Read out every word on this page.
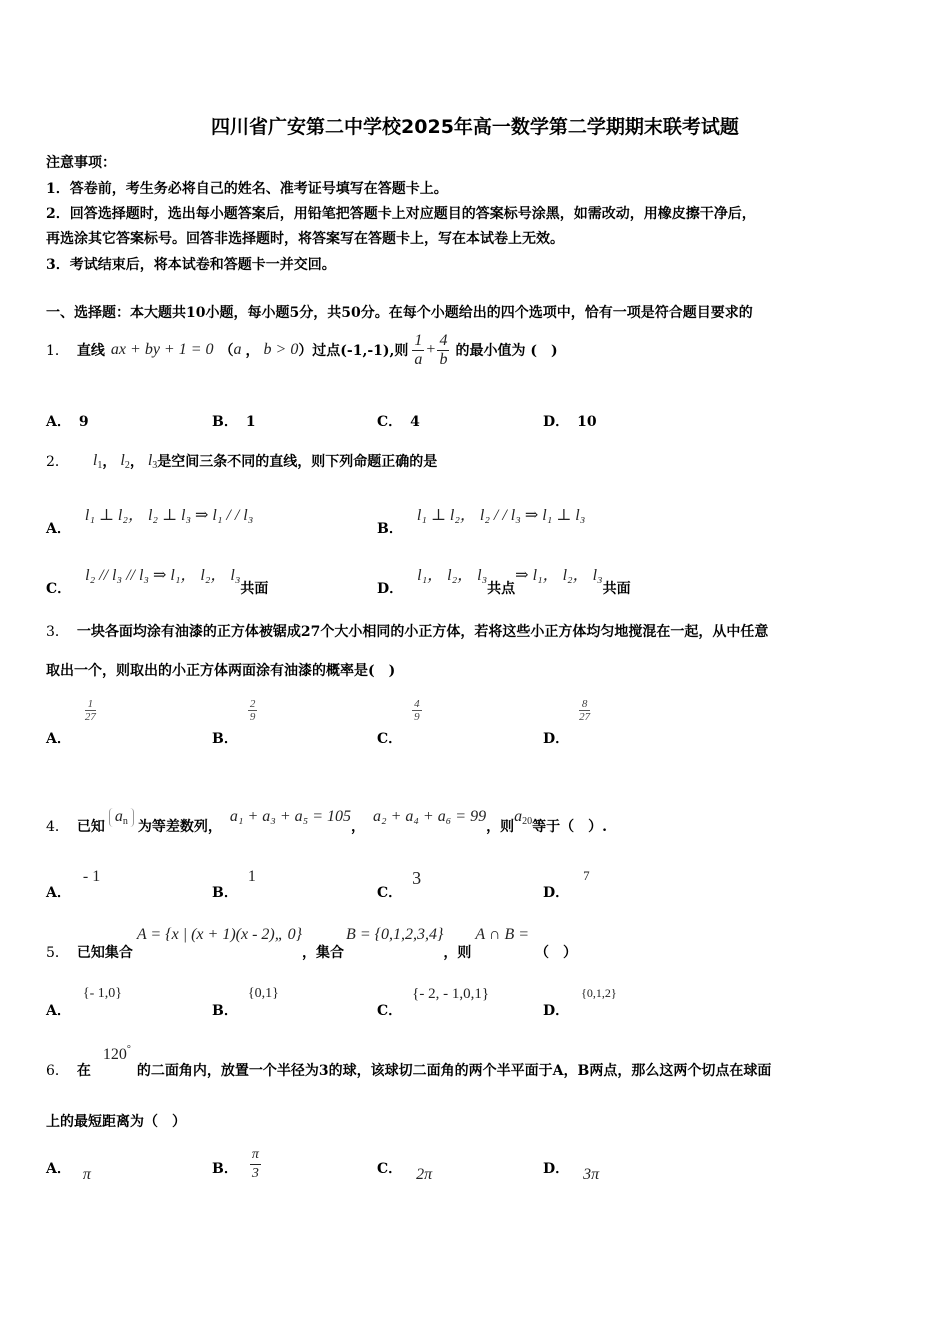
四川省广安第二中学校2025年高一数学第二学期期末联考试题
注意事项：
1．答卷前，考生务必将自己的姓名、准考证号填写在答题卡上。
2．回答选择题时，选出每小题答案后，用铅笔把答题卡上对应题目的答案标号涂黑，如需改动，用橡皮擦干净后，
再选涂其它答案标号。回答非选择题时，将答案写在答题卡上，写在本试卷上无效。
3．考试结束后，将本试卷和答题卡一并交回。
一、选择题：本大题共10小题，每小题5分，共50分。在每个小题给出的四个选项中，恰有一项是符合题目要求的
1． 直线 ax + by + 1 = 0 （ a ， b > 0 ）过点(-1,-1),则 $\frac{1}{a} + \frac{4}{b}$ 的最小值为 (　)
A． 9	B． 1	C． 4	D． 10
2． $l_1$ ， $l_2$ ， $l_3$ 是空间三条不同的直线，则下列命题正确的是
A．
l₁ ⊥ l₂， l₂ ⊥ l₃ ⇒ l₁ / / l₃
B．
l₁ ⊥ l₂， l₂ / / l₃ ⇒ l₁ ⊥ l₃
C．
l₂ // l₃ // l₃ ⇒ l₁， l₂， l₃
共面	D．
l₁， l₂， l₃
共点
⇒ l₁， l₂， l₃
共面
3． 一块各面均涂有油漆的正方体被锯成27个大小相同的小正方体，若将这些小正方体均匀地搅混在一起，从中任意
取出一个，则取出的小正方体两面涂有油漆的概率是(　)
A．
$\frac{1}{27}$
B．
$\frac{2}{9}$
C．
$\frac{4}{9}$
D．
$\frac{8}{27}$
4． 已知
$a_n$ 为等差数列，
a₁ + a₃ + a₅ = 105
，
a₂ + a₄ + a₆ = 99
，则
$a_{20}$ 等于（　）.
A．
- 1
B．
1
C．
3
D．
7
5． 已知集合
A = {x | (x + 1)(x - 2)„ 0}
，集合
B = {0,1,2,3,4}
，则
A ∩ B =
（　）
A．
{- 1,0}
B．
{0,1}
C．
{- 2, - 1,0,1}
D．
{0,1,2}
6． 在
120°
的二面角内，放置一个半径为3的球，该球切二面角的两个半平面于A，B两点，那么这两个切点在球面
上的最短距离为（　）
A． π	B． $\frac{\pi}{3}$	C． 2π	D． 3π
